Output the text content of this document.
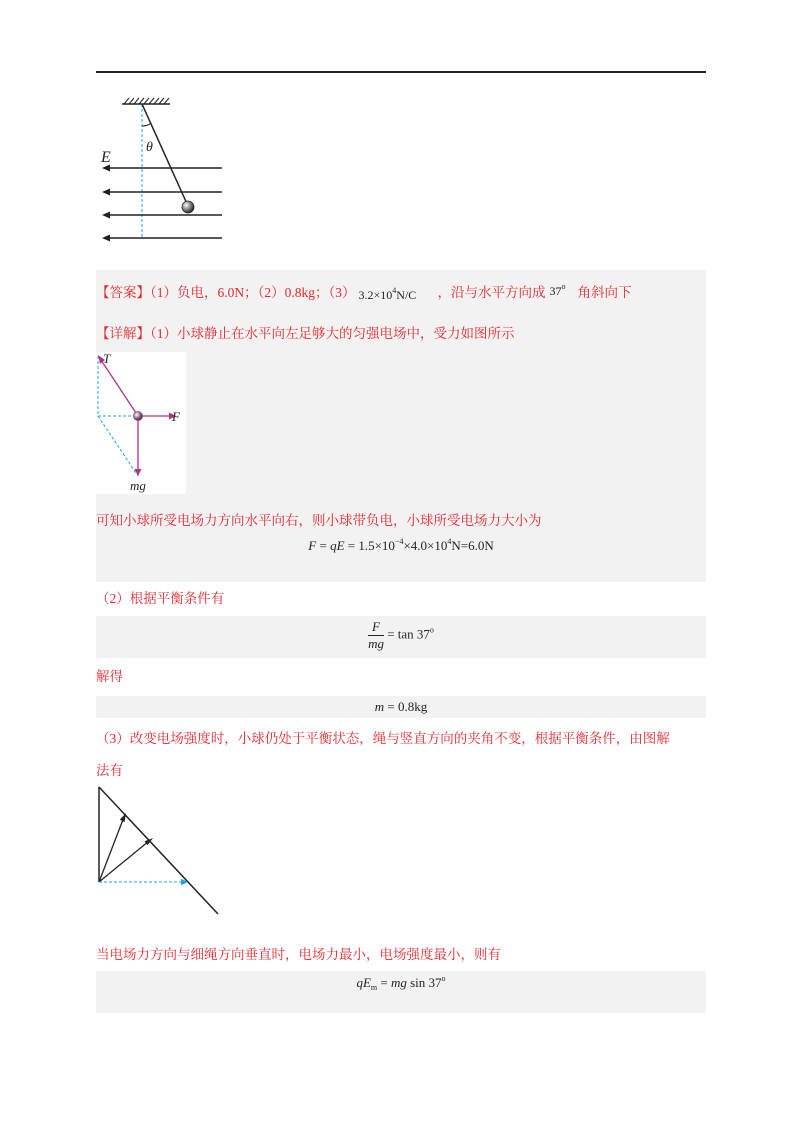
θ
E
【答案】（1）负电，6.0N；（2）0.8kg；（3） $3.2\times 10^4N/C$ ，沿与水平方向成 37$^o$ 角斜向下
【详解】（1）小球静止在水平向左足够大的匀强电场中，受力如图所示
T
F
mg
可知小球所受电场力方向水平向右，则小球带负电，小球所受电场力大小为
F = qE = $1.5\times 10^{-4}\times 4.0\times 10^4N=6.0N$
（2）根据平衡条件有
$\frac{F}{mg} = \tan 37^o$
解得
m = 0.8kg
（3）改变电场强度时，小球仍处于平衡状态，绳与竖直方向的夹角不变，根据平衡条件，由图解
法有
当电场力方向与细绳方向垂直时，电场力最小，电场强度最小，则有
$qE_m$ = mg sin 37$^o$
